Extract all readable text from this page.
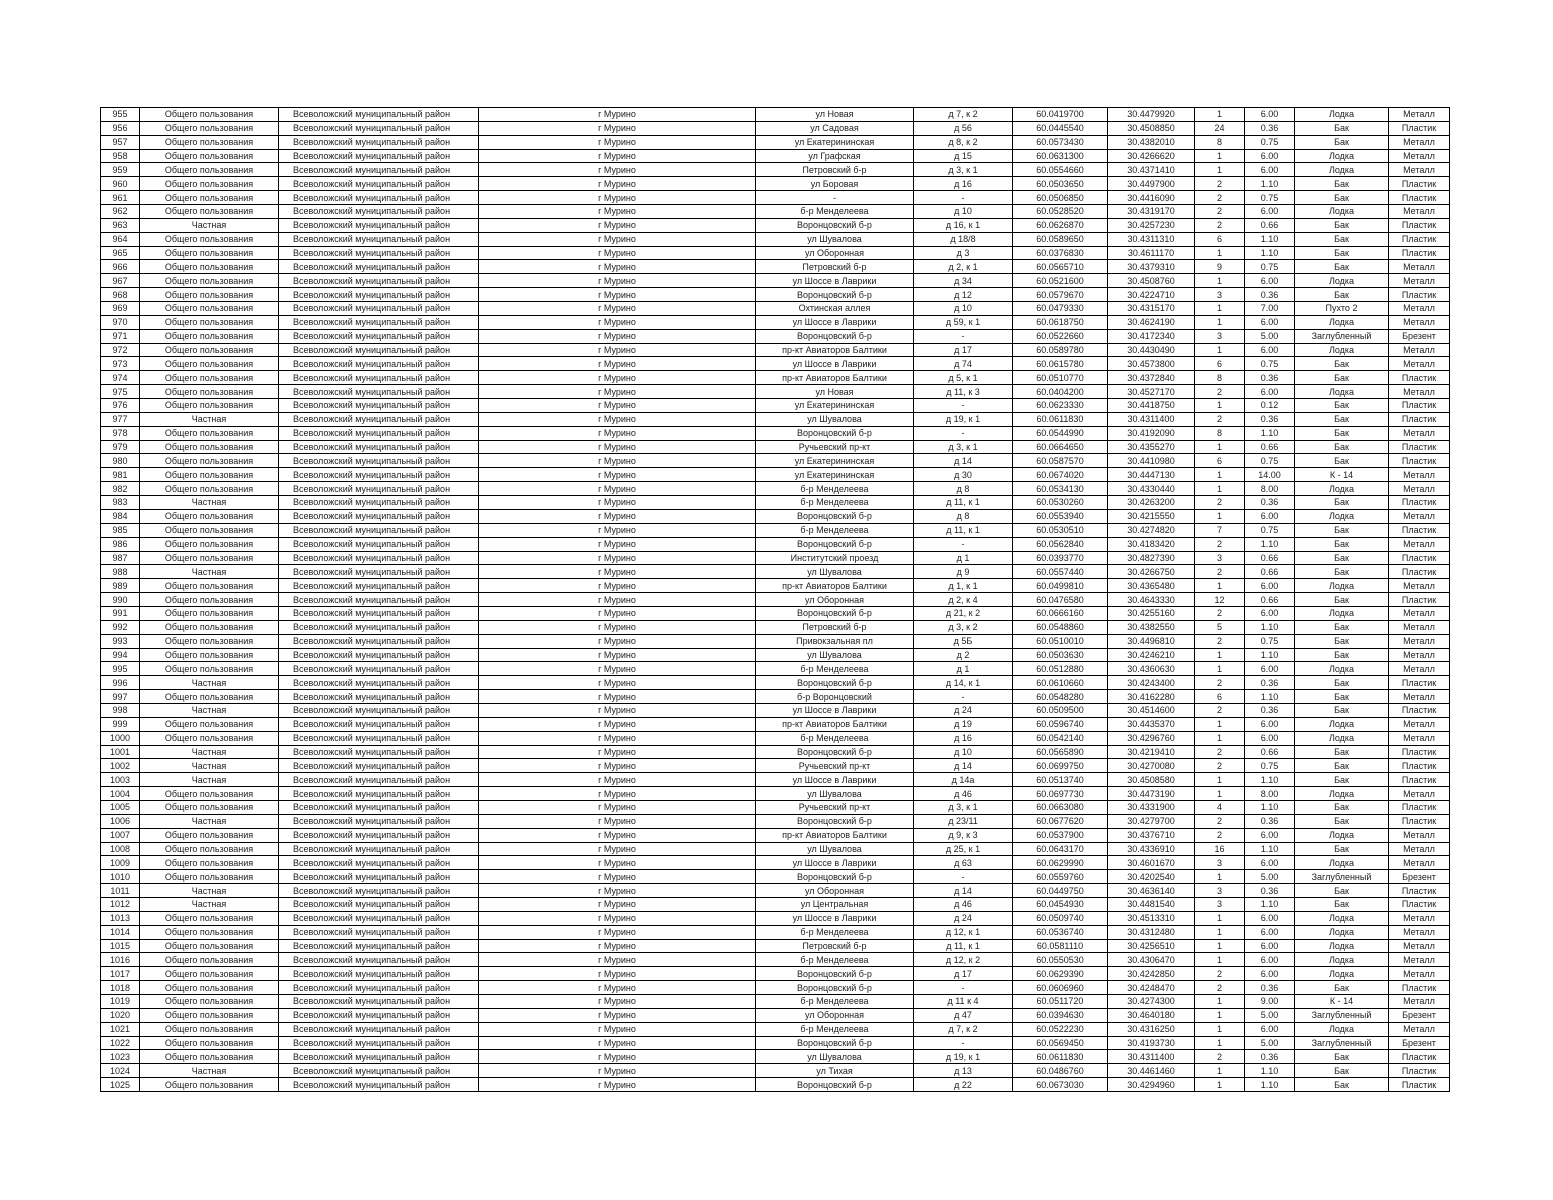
955	Общего пользования	Всеволожский муниципальный район	г Мурино	ул Новая	д 7, к 2	60.0419700	30.4479920	1	6.00	Лодка	Металл
956	Общего пользования	Всеволожский муниципальный район	г Мурино	ул Садовая	д 56	60.0445540	30.4508850	24	0.36	Бак	Пластик
957	Общего пользования	Всеволожский муниципальный район	г Мурино	ул Екатерининская	д 8, к 2	60.0573430	30.4382010	8	0.75	Бак	Металл
958	Общего пользования	Всеволожский муниципальный район	г Мурино	ул Графская	д 15	60.0631300	30.4266620	1	6.00	Лодка	Металл
959	Общего пользования	Всеволожский муниципальный район	г Мурино	Петровский б-р	д 3, к 1	60.0554660	30.4371410	1	6.00	Лодка	Металл
960	Общего пользования	Всеволожский муниципальный район	г Мурино	ул Боровая	д 16	60.0503650	30.4497900	2	1.10	Бак	Пластик
961	Общего пользования	Всеволожский муниципальный район	г Мурино	-	-	60.0506850	30.4416090	2	0.75	Бак	Пластик
962	Общего пользования	Всеволожский муниципальный район	г Мурино	б-р Менделеева	д 10	60.0528520	30.4319170	2	6.00	Лодка	Металл
963	Частная	Всеволожский муниципальный район	г Мурино	Воронцовский б-р	д 16, к 1	60.0626870	30.4257230	2	0.66	Бак	Пластик
964	Общего пользования	Всеволожский муниципальный район	г Мурино	ул Шувалова	д 18/8	60.0589650	30.4311310	6	1.10	Бак	Пластик
965	Общего пользования	Всеволожский муниципальный район	г Мурино	ул Оборонная	д 3	60.0376830	30.4611170	1	1.10	Бак	Пластик
966	Общего пользования	Всеволожский муниципальный район	г Мурино	Петровский б-р	д 2, к 1	60.0565710	30.4379310	9	0.75	Бак	Металл
967	Общего пользования	Всеволожский муниципальный район	г Мурино	ул Шоссе в Лаврики	д 34	60.0521600	30.4508760	1	6.00	Лодка	Металл
968	Общего пользования	Всеволожский муниципальный район	г Мурино	Воронцовский б-р	д 12	60.0579670	30.4224710	3	0.36	Бак	Пластик
969	Общего пользования	Всеволожский муниципальный район	г Мурино	Охтинская аллея	д 10	60.0479330	30.4315170	1	7.00	Пухто 2	Металл
970	Общего пользования	Всеволожский муниципальный район	г Мурино	ул Шоссе в Лаврики	д 59, к 1	60.0618750	30.4624190	1	6.00	Лодка	Металл
971	Общего пользования	Всеволожский муниципальный район	г Мурино	Воронцовский б-р	-	60.0522660	30.4172340	3	5.00	Заглубленный	Брезент
972	Общего пользования	Всеволожский муниципальный район	г Мурино	пр-кт Авиаторов Балтики	д 17	60.0589780	30.4430490	1	6.00	Лодка	Металл
973	Общего пользования	Всеволожский муниципальный район	г Мурино	ул Шоссе в Лаврики	д 74	60.0615780	30.4573800	6	0.75	Бак	Металл
974	Общего пользования	Всеволожский муниципальный район	г Мурино	пр-кт Авиаторов Балтики	д 5, к 1	60.0510770	30.4372840	8	0.36	Бак	Пластик
975	Общего пользования	Всеволожский муниципальный район	г Мурино	ул Новая	д 11, к 3	60.0404200	30.4527170	2	6.00	Лодка	Металл
976	Общего пользования	Всеволожский муниципальный район	г Мурино	ул Екатерининская	-	60.0623330	30.4418750	1	0.12	Бак	Пластик
977	Частная	Всеволожский муниципальный район	г Мурино	ул Шувалова	д 19, к 1	60.0611830	30.4311400	2	0.36	Бак	Пластик
978	Общего пользования	Всеволожский муниципальный район	г Мурино	Воронцовский б-р	-	60.0544990	30.4192090	8	1.10	Бак	Металл
979	Общего пользования	Всеволожский муниципальный район	г Мурино	Ручьевский пр-кт	д 3, к 1	60.0664650	30.4355270	1	0.66	Бак	Пластик
980	Общего пользования	Всеволожский муниципальный район	г Мурино	ул Екатерининская	д 14	60.0587570	30.4410980	6	0.75	Бак	Пластик
981	Общего пользования	Всеволожский муниципальный район	г Мурино	ул Екатерининская	д 30	60.0674020	30.4447130	1	14.00	К - 14	Металл
982	Общего пользования	Всеволожский муниципальный район	г Мурино	б-р Менделеева	д 8	60.0534130	30.4330440	1	8.00	Лодка	Металл
983	Частная	Всеволожский муниципальный район	г Мурино	б-р Менделеева	д 11, к 1	60.0530260	30.4263200	2	0.36	Бак	Пластик
984	Общего пользования	Всеволожский муниципальный район	г Мурино	Воронцовский б-р	д 8	60.0553940	30.4215550	1	6.00	Лодка	Металл
985	Общего пользования	Всеволожский муниципальный район	г Мурино	б-р Менделеева	д 11, к 1	60.0530510	30.4274820	7	0.75	Бак	Пластик
986	Общего пользования	Всеволожский муниципальный район	г Мурино	Воронцовский б-р	-	60.0562840	30.4183420	2	1.10	Бак	Металл
987	Общего пользования	Всеволожский муниципальный район	г Мурино	Институтский проезд	д 1	60.0393770	30.4827390	3	0.66	Бак	Пластик
988	Частная	Всеволожский муниципальный район	г Мурино	ул Шувалова	д 9	60.0557440	30.4266750	2	0.66	Бак	Пластик
989	Общего пользования	Всеволожский муниципальный район	г Мурино	пр-кт Авиаторов Балтики	д 1, к 1	60.0499810	30.4365480	1	6.00	Лодка	Металл
990	Общего пользования	Всеволожский муниципальный район	г Мурино	ул Оборонная	д 2, к 4	60.0476580	30.4643330	12	0.66	Бак	Пластик
991	Общего пользования	Всеволожский муниципальный район	г Мурино	Воронцовский б-р	д 21, к 2	60.0666160	30.4255160	2	6.00	Лодка	Металл
992	Общего пользования	Всеволожский муниципальный район	г Мурино	Петровский б-р	д 3, к 2	60.0548860	30.4382550	5	1.10	Бак	Металл
993	Общего пользования	Всеволожский муниципальный район	г Мурино	Привокзальная пл	д 5Б	60.0510010	30.4496810	2	0.75	Бак	Металл
994	Общего пользования	Всеволожский муниципальный район	г Мурино	ул Шувалова	д 2	60.0503630	30.4246210	1	1.10	Бак	Металл
995	Общего пользования	Всеволожский муниципальный район	г Мурино	б-р Менделеева	д 1	60.0512880	30.4360630	1	6.00	Лодка	Металл
996	Частная	Всеволожский муниципальный район	г Мурино	Воронцовский б-р	д 14, к 1	60.0610660	30.4243400	2	0.36	Бак	Пластик
997	Общего пользования	Всеволожский муниципальный район	г Мурино	б-р Воронцовский	-	60.0548280	30.4162280	6	1.10	Бак	Металл
998	Частная	Всеволожский муниципальный район	г Мурино	ул Шоссе в Лаврики	д 24	60.0509500	30.4514600	2	0.36	Бак	Пластик
999	Общего пользования	Всеволожский муниципальный район	г Мурино	пр-кт Авиаторов Балтики	д 19	60.0596740	30.4435370	1	6.00	Лодка	Металл
1000	Общего пользования	Всеволожский муниципальный район	г Мурино	б-р Менделеева	д 16	60.0542140	30.4296760	1	6.00	Лодка	Металл
1001	Частная	Всеволожский муниципальный район	г Мурино	Воронцовский б-р	д 10	60.0565890	30.4219410	2	0.66	Бак	Пластик
1002	Частная	Всеволожский муниципальный район	г Мурино	Ручьевский пр-кт	д 14	60.0699750	30.4270080	2	0.75	Бак	Пластик
1003	Частная	Всеволожский муниципальный район	г Мурино	ул Шоссе в Лаврики	д 14а	60.0513740	30.4508580	1	1.10	Бак	Пластик
1004	Общего пользования	Всеволожский муниципальный район	г Мурино	ул Шувалова	д 46	60.0697730	30.4473190	1	8.00	Лодка	Металл
1005	Общего пользования	Всеволожский муниципальный район	г Мурино	Ручьевский пр-кт	д 3, к 1	60.0663080	30.4331900	4	1.10	Бак	Пластик
1006	Частная	Всеволожский муниципальный район	г Мурино	Воронцовский б-р	д 23/11	60.0677620	30.4279700	2	0.36	Бак	Пластик
1007	Общего пользования	Всеволожский муниципальный район	г Мурино	пр-кт Авиаторов Балтики	д 9, к 3	60.0537900	30.4376710	2	6.00	Лодка	Металл
1008	Общего пользования	Всеволожский муниципальный район	г Мурино	ул Шувалова	д 25, к 1	60.0643170	30.4336910	16	1.10	Бак	Металл
1009	Общего пользования	Всеволожский муниципальный район	г Мурино	ул Шоссе в Лаврики	д 63	60.0629990	30.4601670	3	6.00	Лодка	Металл
1010	Общего пользования	Всеволожский муниципальный район	г Мурино	Воронцовский б-р	-	60.0559760	30.4202540	1	5.00	Заглубленный	Брезент
1011	Частная	Всеволожский муниципальный район	г Мурино	ул Оборонная	д 14	60.0449750	30.4636140	3	0.36	Бак	Пластик
1012	Частная	Всеволожский муниципальный район	г Мурино	ул Центральная	д 46	60.0454930	30.4481540	3	1.10	Бак	Пластик
1013	Общего пользования	Всеволожский муниципальный район	г Мурино	ул Шоссе в Лаврики	д 24	60.0509740	30.4513310	1	6.00	Лодка	Металл
1014	Общего пользования	Всеволожский муниципальный район	г Мурино	б-р Менделеева	д 12, к 1	60.0536740	30.4312480	1	6.00	Лодка	Металл
1015	Общего пользования	Всеволожский муниципальный район	г Мурино	Петровский б-р	д 11, к 1	60.0581110	30.4256510	1	6.00	Лодка	Металл
1016	Общего пользования	Всеволожский муниципальный район	г Мурино	б-р Менделеева	д 12, к 2	60.0550530	30.4306470	1	6.00	Лодка	Металл
1017	Общего пользования	Всеволожский муниципальный район	г Мурино	Воронцовский б-р	д 17	60.0629390	30.4242850	2	6.00	Лодка	Металл
1018	Общего пользования	Всеволожский муниципальный район	г Мурино	Воронцовский б-р	-	60.0606960	30.4248470	2	0.36	Бак	Пластик
1019	Общего пользования	Всеволожский муниципальный район	г Мурино	б-р Менделеева	д 11 к 4	60.0511720	30.4274300	1	9.00	К - 14	Металл
1020	Общего пользования	Всеволожский муниципальный район	г Мурино	ул Оборонная	д 47	60.0394630	30.4640180	1	5.00	Заглубленный	Брезент
1021	Общего пользования	Всеволожский муниципальный район	г Мурино	б-р Менделеева	д 7, к 2	60.0522230	30.4316250	1	6.00	Лодка	Металл
1022	Общего пользования	Всеволожский муниципальный район	г Мурино	Воронцовский б-р	-	60.0569450	30.4193730	1	5.00	Заглубленный	Брезент
1023	Общего пользования	Всеволожский муниципальный район	г Мурино	ул Шувалова	д 19, к 1	60.0611830	30.4311400	2	0.36	Бак	Пластик
1024	Частная	Всеволожский муниципальный район	г Мурино	ул Тихая	д 13	60.0486760	30.4461460	1	1.10	Бак	Пластик
1025	Общего пользования	Всеволожский муниципальный район	г Мурино	Воронцовский б-р	д 22	60.0673030	30.4294960	1	1.10	Бак	Пластик
